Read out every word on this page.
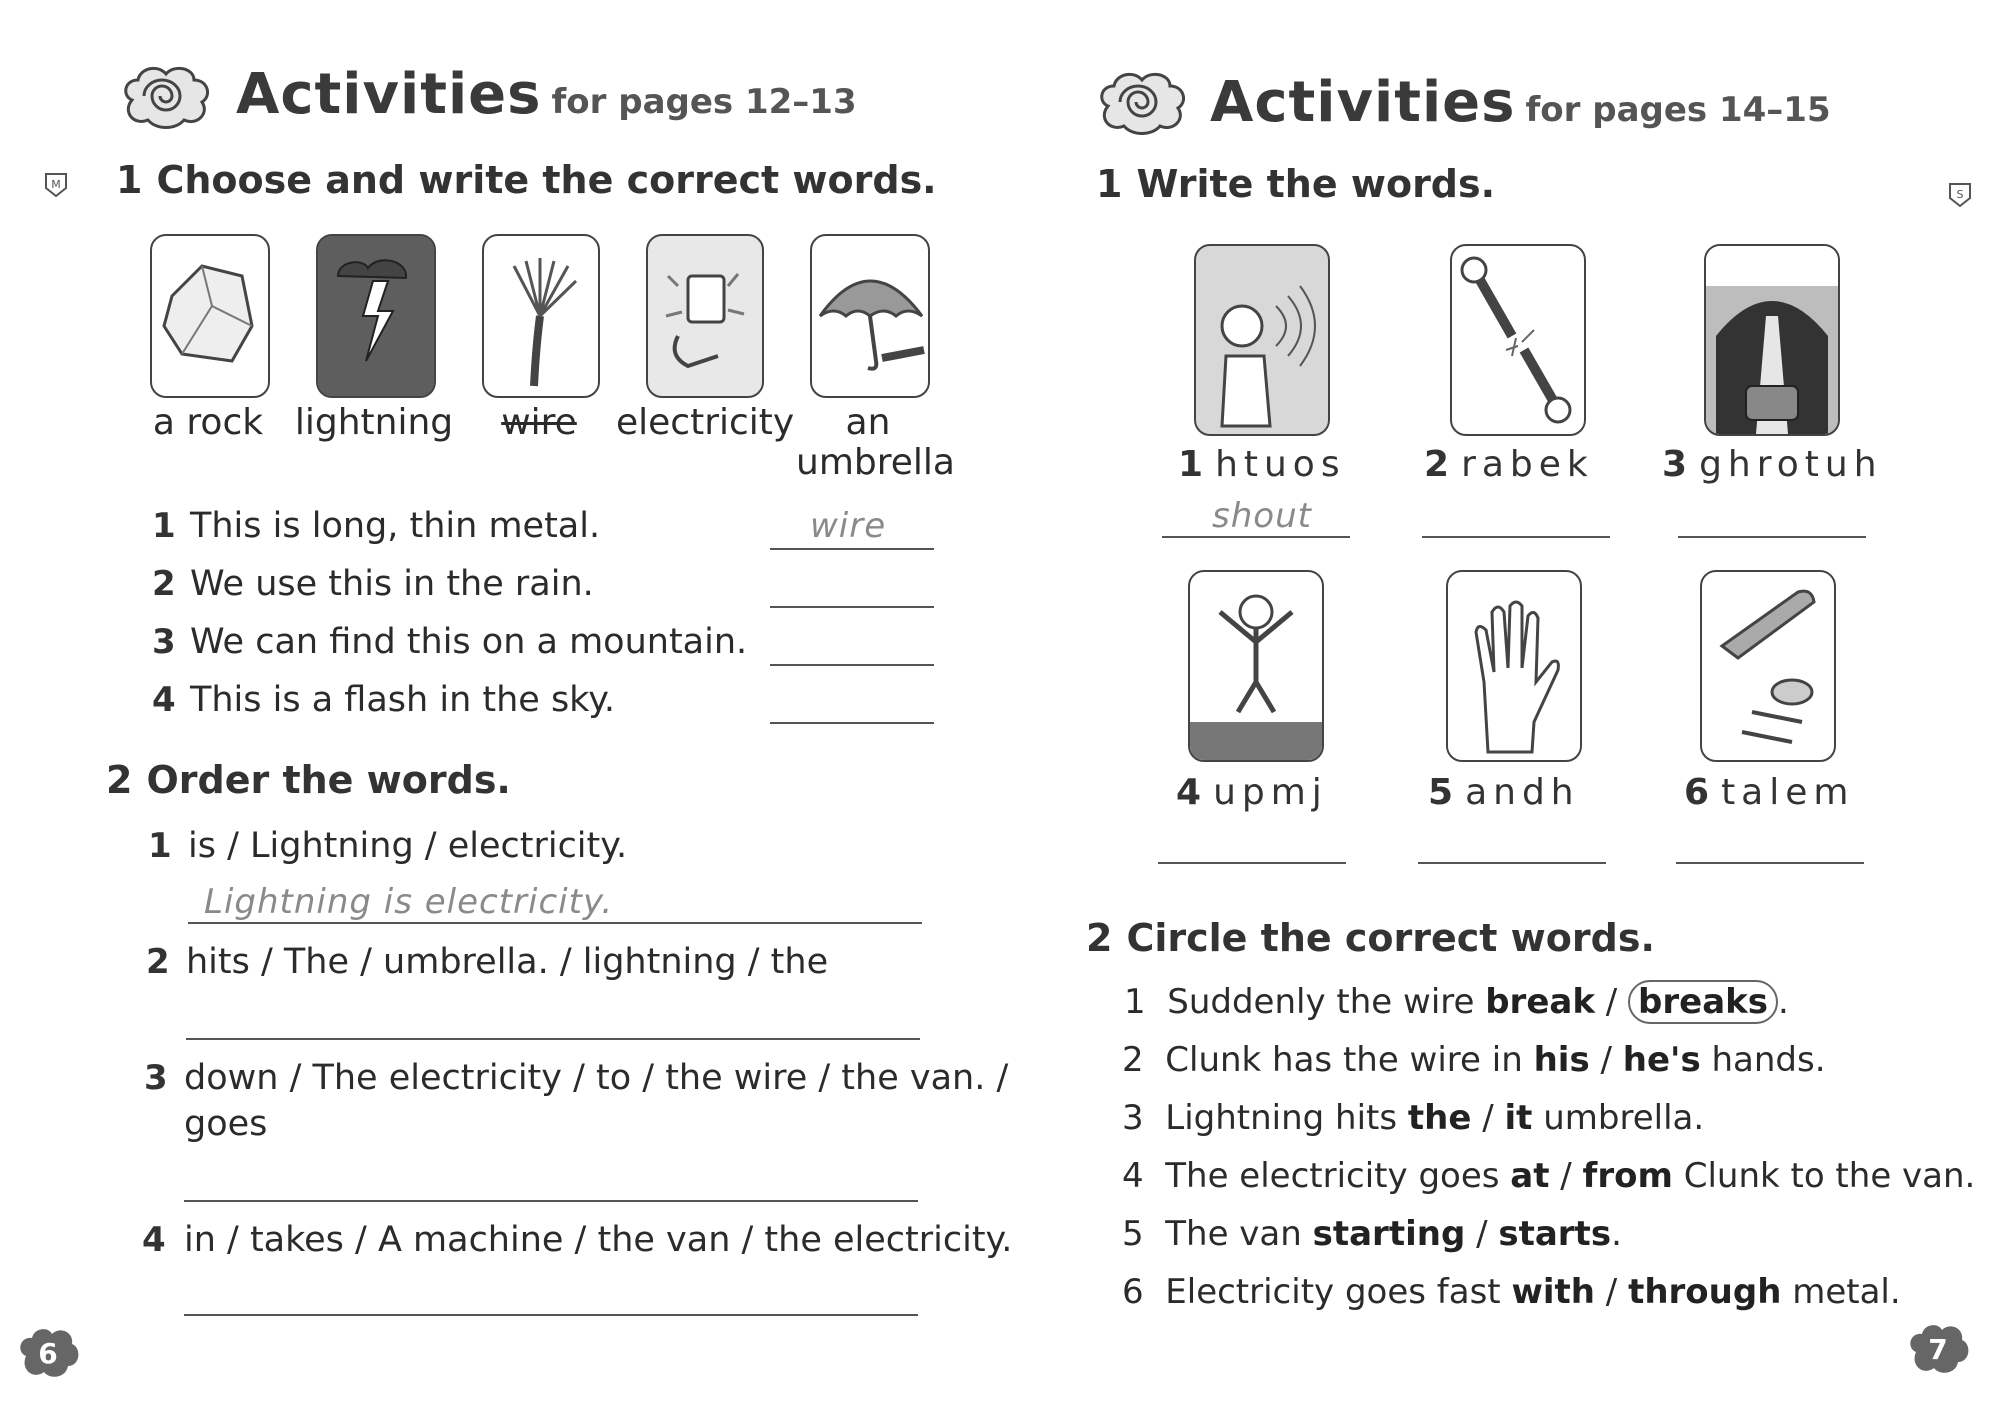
Activities for pages 12–13
M 1 Choose and write the correct words.
a rock lightning	wire	electricity	an
umbrella
1 This is long, thin metal.	wire
2 We use this in the rain.
3 We can find this on a mountain.
4 This is a flash in the sky.
2 Order the words.
1 is / Lightning / electricity.
Lightning is electricity.
2 hits / The / umbrella. / lightning / the
3 down / The electricity / to / the wire / the van. /
goes
4 in / takes / A machine / the van / the electricity.
6
Activities for pages 14–15
S
1 Write the words.
1 htuos
shout
2 rabek 3 ghrotuh
4 upmj	5 andh	6 talem
2 Circle the correct words.
1 Suddenly the wire break / breaks .
2 Clunk has the wire in his / he's hands.
3 Lightning hits the / it umbrella.
4 The electricity goes at / from Clunk to the van.
5 The van starting / starts.
6 Electricity goes fast with / through metal.
7
